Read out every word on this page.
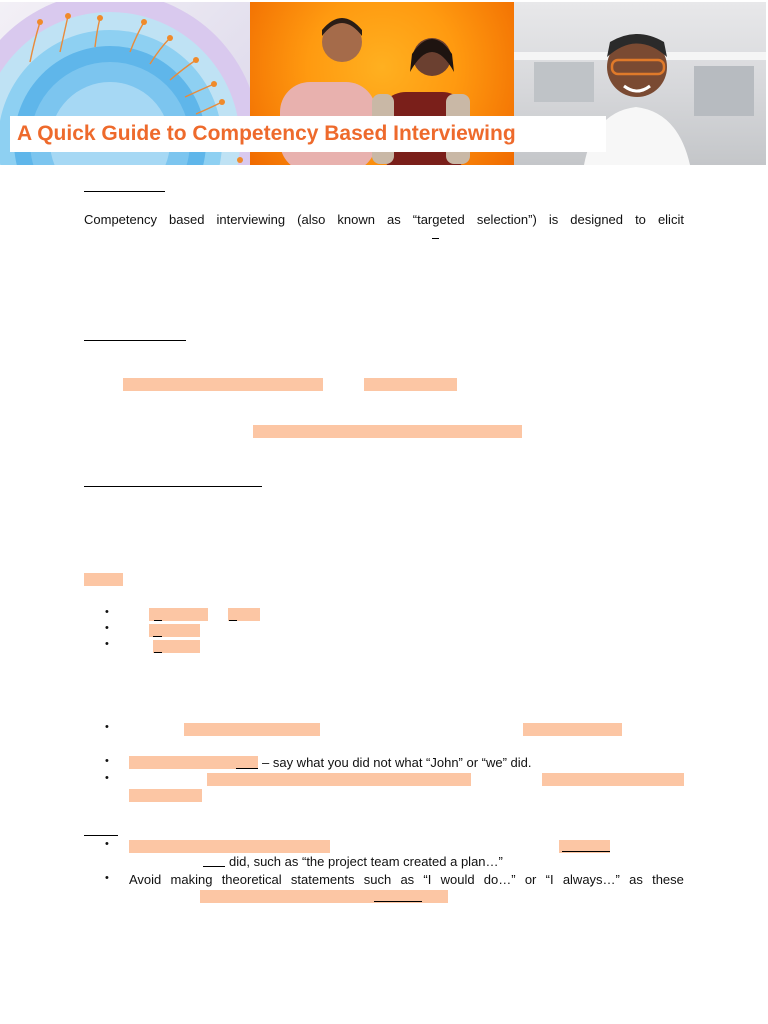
A Quick Guide to Competency Based Interviewing
Competency based interviewing (also known as “targeted selection”) is designed to elicit
•
•
•
•
•	– say what you did not what “John” or “we” did.
•
•
did, such as “the project team created a plan…”
• Avoid making theoretical statements such as “I would do…” or “I always…” as these
